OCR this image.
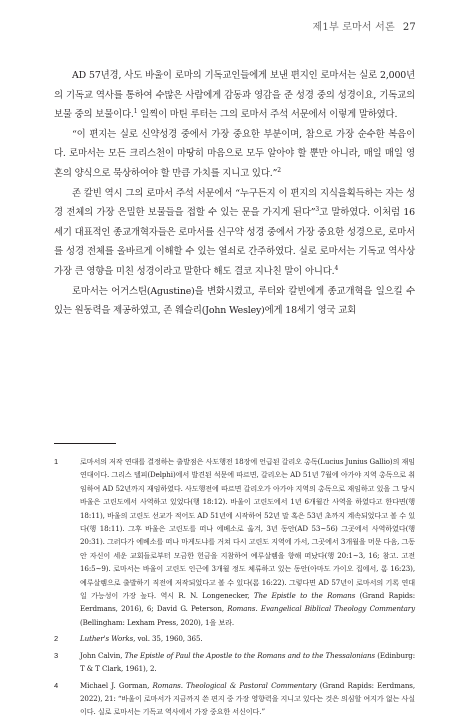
제1부 로마서 서론 27

AD 57년경, 사도 바울이 로마의 기독교인들에게 보낸 편지인 로마서는 실로 2,000년의 기독교 역사를 통하여 수많은 사람에게 감동과 영감을 준 성경 중의 성경이요, 기독교의 보물 중의 보물이다.$^1$ 일찍이 마틴 루터는 그의 로마서 주석 서문에서 이렇게 말하였다.

“이 편지는 실로 신약성경 중에서 가장 중요한 부분이며, 참으로 가장 순수한 복음이다. 로마서는 모든 크리스천이 마땅히 마음으로 모두 알아야 할 뿐만 아니라, 매일 매일 영혼의 양식으로 묵상하여야 할 만큼 가치를 지니고 있다.”$^2$

존 칼빈 역시 그의 로마서 주석 서문에서 “누구든지 이 편지의 지식을획득하는 자는 성경 전체의 가장 은밀한 보물들을 접할 수 있는 문을 가지게 된다”$^3$고 말하였다. 이처럼 16세기 대표적인 종교개혁자들은 로마서를 신구약 성경 중에서 가장 중요한 성경으로, 로마서를 성경 전체를 올바르게 이해할 수 있는 열쇠로 간주하였다. 실로 로마서는 기독교 역사상 가장 큰 영향을 미친 성경이라고 말한다 해도 결코 지나친 말이 아니다.$^4$

로마서는 어거스틴(Agustine)을 변화시켰고, 루터와 칼빈에게 종교개혁을 일으킬 수 있는 원동력을 제공하였고, 존 웨슬리(John Wesley)에게 18세기 영국 교회

1	로마서의 저작 연대를 결정하는 출발점은 사도행전 18장에 언급된 갈리오 총독(Lucius Junius Gallio)의 재임 연대이다. 그리스 델피(Delphi)에서 발견된 석문에 따르면, 갈리오는 AD 51년 7월에 아가야 지역 총독으로 취임하여 AD 52년까지 재임하였다. 사도행전에 따르면 갈리오가 아가야 지역의 총독으로 재임하고 있을 그 당시 바울은 고린도에서 사역하고 있었다(행 18:12). 바울이 고린도에서 1년 6개월간 사역을 하였다고 한다면(행 18:11), 바울의 고린도 선교가 적어도 AD 51년에 시작하여 52년 말 혹은 53년 초까지 계속되었다고 볼 수 있다(행 18:11). 그후 바울은 고린도를 떠나 에베소로 옮겨, 3년 동안(AD 53~56) 그곳에서 사역하였다(행 20:31). 그러다가 에베소를 떠나 마게도냐를 거쳐 다시 고린도 지역에 가서, 그곳에서 3개월을 머문 다음, 그동안 자신이 세운 교회들로부터 모금한 헌금을 지참하여 예루살렘을 향해 떠났다(행 20:1~3, 16; 참고. 고전 16:5~9). 로마서는 바울이 고린도 인근에 3개월 정도 체류하고 있는 동안(아마도 가이오 집에서, 롬 16:23), 예루살렘으로 출발하기 직전에 저작되었다고 볼 수 있다(롬 16:22). 그렇다면 AD 57년이 로마서의 기록 연대일 가능성이 가장 높다. 역시 R. N. Longenecker, The Epistle to the Romans (Grand Rapids: Eerdmans, 2016), 6; David G. Peterson, Romans. Evangelical Biblical Theology Commentary (Bellingham: Lexham Press, 2020), 1을 보라.
2	Luther's Works, vol. 35, 1960, 365.
3	John Calvin, The Epistle of Paul the Apostle to the Romans and to the Thessalonians (Edinburg: T & T Clark, 1961), 2.
4	Michael J. Gorman, Romans. Theological & Pastoral Commentary (Grand Rapids: Eerdmans, 2022), 21: “바울이 로마서가 지금까지 쓴 편지 중 가장 영향력을 지니고 있다는 것은 의심할 여지가 없는 사실이다. 실로 로마서는 기독교 역사에서 가장 중요한 서신이다.”
